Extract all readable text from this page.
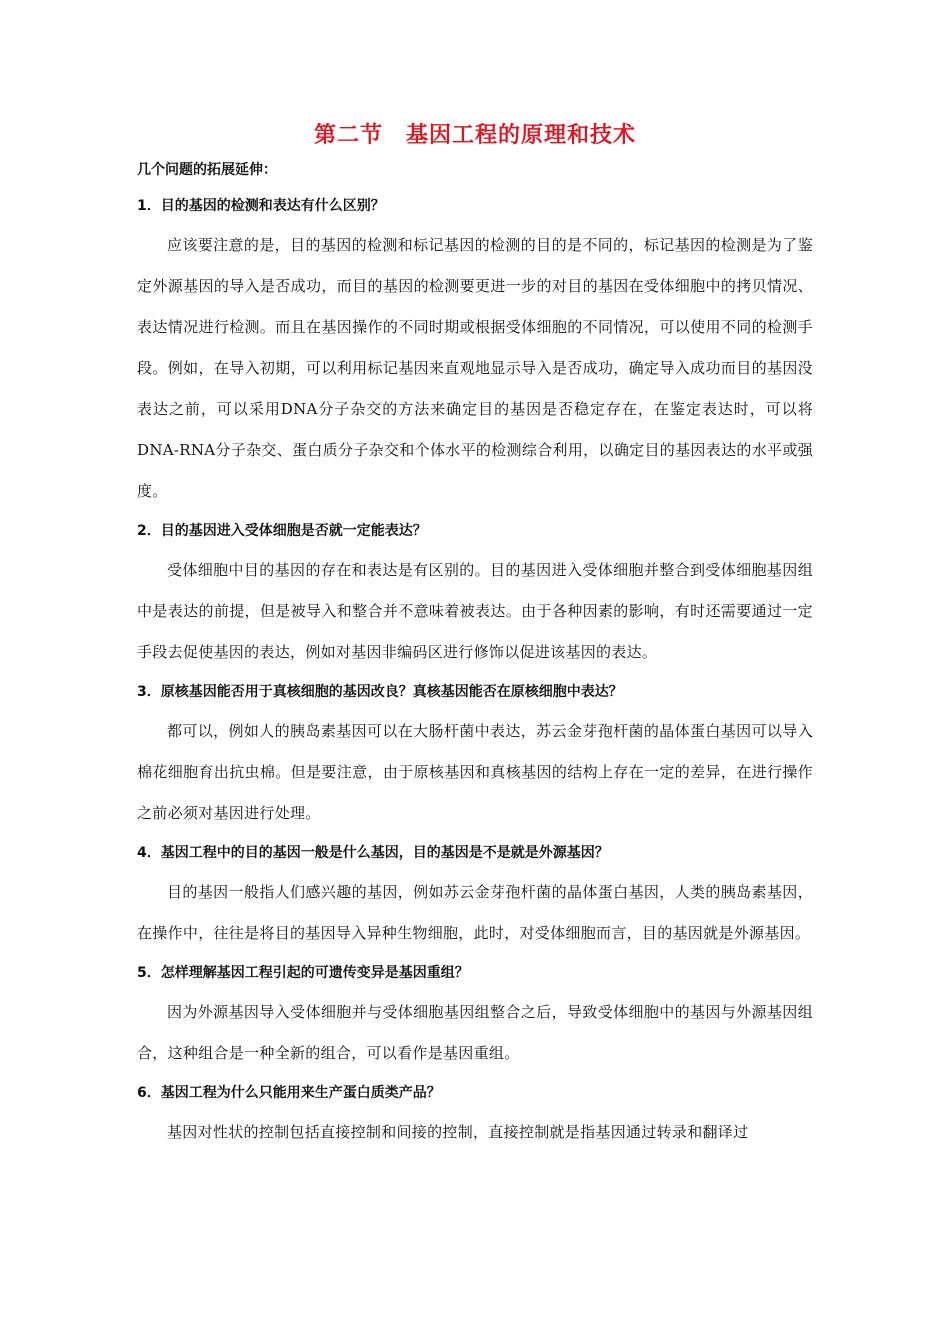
第二节　基因工程的原理和技术

几个问题的拓展延伸：

1．目的基因的检测和表达有什么区别？

应该要注意的是，目的基因的检测和标记基因的检测的目的是不同的，标记基因的检测是为了鉴定外源基因的导入是否成功，而目的基因的检测要更进一步的对目的基因在受体细胞中的拷贝情况、表达情况进行检测。而且在基因操作的不同时期或根据受体细胞的不同情况，可以使用不同的检测手段。例如，在导入初期，可以利用标记基因来直观地显示导入是否成功，确定导入成功而目的基因没表达之前，可以采用DNA分子杂交的方法来确定目的基因是否稳定存在，在鉴定表达时，可以将DNA-RNA分子杂交、蛋白质分子杂交和个体水平的检测综合利用，以确定目的基因表达的水平或强度。

2．目的基因进入受体细胞是否就一定能表达？

受体细胞中目的基因的存在和表达是有区别的。目的基因进入受体细胞并整合到受体细胞基因组中是表达的前提，但是被导入和整合并不意味着被表达。由于各种因素的影响，有时还需要通过一定手段去促使基因的表达，例如对基因非编码区进行修饰以促进该基因的表达。

3．原核基因能否用于真核细胞的基因改良？真核基因能否在原核细胞中表达？

都可以，例如人的胰岛素基因可以在大肠杆菌中表达，苏云金芽孢杆菌的晶体蛋白基因可以导入棉花细胞育出抗虫棉。但是要注意，由于原核基因和真核基因的结构上存在一定的差异，在进行操作之前必须对基因进行处理。

4．基因工程中的目的基因一般是什么基因，目的基因是不是就是外源基因？

目的基因一般指人们感兴趣的基因，例如苏云金芽孢杆菌的晶体蛋白基因，人类的胰岛素基因，在操作中，往往是将目的基因导入异种生物细胞，此时，对受体细胞而言，目的基因就是外源基因。

5．怎样理解基因工程引起的可遗传变异是基因重组？

因为外源基因导入受体细胞并与受体细胞基因组整合之后，导致受体细胞中的基因与外源基因组合，这种组合是一种全新的组合，可以看作是基因重组。

6．基因工程为什么只能用来生产蛋白质类产品？

基因对性状的控制包括直接控制和间接的控制，直接控制就是指基因通过转录和翻译过
